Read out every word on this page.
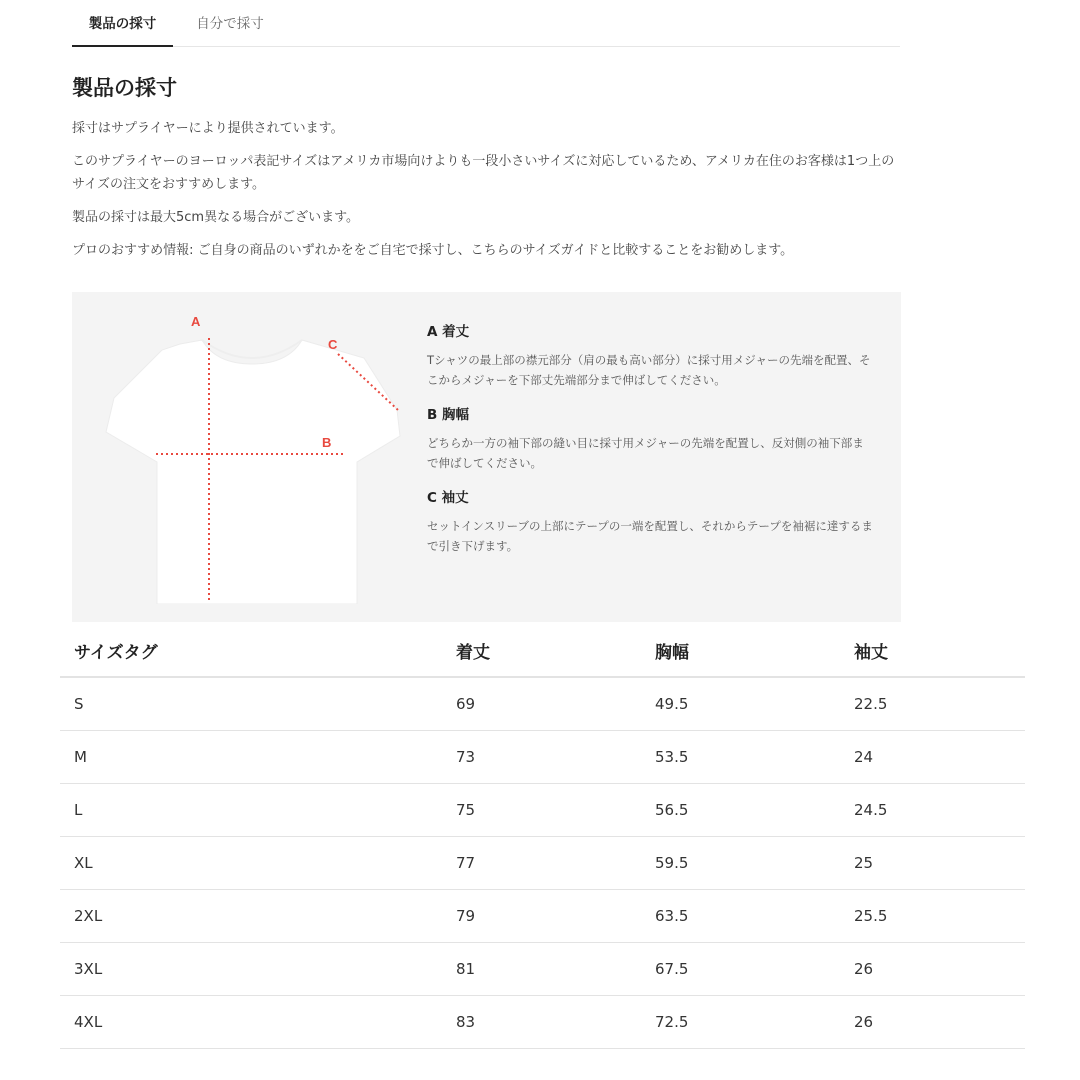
製品の採寸	自分で採寸
製品の採寸

採寸はサプライヤーにより提供されています。

このサプライヤーのヨーロッパ表記サイズはアメリカ市場向けよりも一段小さいサイズに対応しているため、アメリカ在住のお客様は1つ上のサイズの注文をおすすめします。

製品の採寸は最大5cm異なる場合がございます。

プロのおすすめ情報: ご自身の商品のいずれかををご自宅で採寸し、こちらのサイズガイドと比較することをお勧めします。

A
B
C

A 着丈

Tシャツの最上部の襟元部分（肩の最も高い部分）に採寸用メジャーの先端を配置、そこからメジャーを下部丈先端部分まで伸ばしてください。

B 胸幅

どちらか一方の袖下部の縫い目に採寸用メジャーの先端を配置し、反対側の袖下部まで伸ばしてください。

C 袖丈

セットインスリーブの上部にテープの一端を配置し、それからテープを袖裾に達するまで引き下げます。

サイズタグ	着丈	胸幅	袖丈
S	69	49.5	22.5
M	73	53.5	24
L	75	56.5	24.5
XL	77	59.5	25
2XL	79	63.5	25.5
3XL	81	67.5	26
4XL	83	72.5	26
